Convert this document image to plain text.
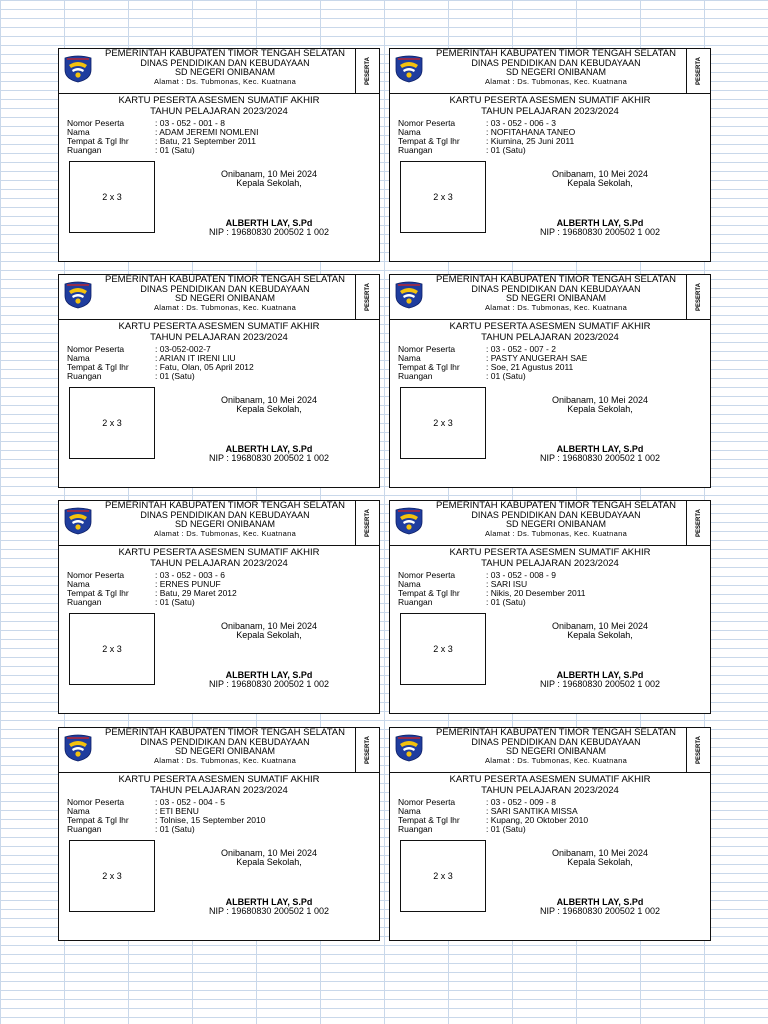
PEMERINTAH KABUPATEN TIMOR TENGAH SELATAN
DINAS PENDIDIKAN DAN KEBUDAYAAN
SD NEGERI ONIBANAM
Alamat : Ds. Tubmonas, Kec. Kuatnana	PESERTA
KARTU PESERTA ASESMEN SUMATIF AKHIR
TAHUN PELAJARAN 2023/2024
Nomor Peserta	: 03 - 052 - 001 - 8
Nama	: ADAM JEREMI NOMLENI
Tempat & Tgl lhr	: Batu, 21 September 2011
Ruangan	: 01 (Satu)
2 x 3
Onibanam, 10 Mei 2024
Kepala Sekolah,
ALBERTH LAY, S.Pd
NIP : 19680830 200502 1 002
PEMERINTAH KABUPATEN TIMOR TENGAH SELATAN
DINAS PENDIDIKAN DAN KEBUDAYAAN
SD NEGERI ONIBANAM
Alamat : Ds. Tubmonas, Kec. Kuatnana	PESERTA
KARTU PESERTA ASESMEN SUMATIF AKHIR
TAHUN PELAJARAN 2023/2024
Nomor Peserta	: 03 - 052 - 006 - 3
Nama	: NOFITAHANA TANEO
Tempat & Tgl lhr	: Kiumina, 25 Juni 2011
Ruangan	: 01 (Satu)
2 x 3
Onibanam, 10 Mei 2024
Kepala Sekolah,
ALBERTH LAY, S.Pd
NIP : 19680830 200502 1 002
PEMERINTAH KABUPATEN TIMOR TENGAH SELATAN
DINAS PENDIDIKAN DAN KEBUDAYAAN
SD NEGERI ONIBANAM
Alamat : Ds. Tubmonas, Kec. Kuatnana	PESERTA
KARTU PESERTA ASESMEN SUMATIF AKHIR
TAHUN PELAJARAN 2023/2024
Nomor Peserta	: 03-052-002-7
Nama	: ARIAN IT IRENI LIU
Tempat & Tgl lhr	: Fatu, Olan, 05 April 2012
Ruangan	: 01 (Satu)
2 x 3
Onibanam, 10 Mei 2024
Kepala Sekolah,
ALBERTH LAY, S.Pd
NIP : 19680830 200502 1 002
PEMERINTAH KABUPATEN TIMOR TENGAH SELATAN
DINAS PENDIDIKAN DAN KEBUDAYAAN
SD NEGERI ONIBANAM
Alamat : Ds. Tubmonas, Kec. Kuatnana	PESERTA
KARTU PESERTA ASESMEN SUMATIF AKHIR
TAHUN PELAJARAN 2023/2024
Nomor Peserta	: 03 - 052 - 007 - 2
Nama	: PASTY ANUGERAH SAE
Tempat & Tgl lhr	: Soe, 21 Agustus 2011
Ruangan	: 01 (Satu)
2 x 3
Onibanam, 10 Mei 2024
Kepala Sekolah,
ALBERTH LAY, S.Pd
NIP : 19680830 200502 1 002
PEMERINTAH KABUPATEN TIMOR TENGAH SELATAN
DINAS PENDIDIKAN DAN KEBUDAYAAN
SD NEGERI ONIBANAM
Alamat : Ds. Tubmonas, Kec. Kuatnana	PESERTA
KARTU PESERTA ASESMEN SUMATIF AKHIR
TAHUN PELAJARAN 2023/2024
Nomor Peserta	: 03 - 052 - 003 - 6
Nama	: ERNES PUNUF
Tempat & Tgl lhr	: Batu, 29 Maret 2012
Ruangan	: 01 (Satu)
2 x 3
Onibanam, 10 Mei 2024
Kepala Sekolah,
ALBERTH LAY, S.Pd
NIP : 19680830 200502 1 002
PEMERINTAH KABUPATEN TIMOR TENGAH SELATAN
DINAS PENDIDIKAN DAN KEBUDAYAAN
SD NEGERI ONIBANAM
Alamat : Ds. Tubmonas, Kec. Kuatnana	PESERTA
KARTU PESERTA ASESMEN SUMATIF AKHIR
TAHUN PELAJARAN 2023/2024
Nomor Peserta	: 03 - 052 - 008 - 9
Nama	: SARI ISU
Tempat & Tgl lhr	: Nikis, 20 Desember 2011
Ruangan	: 01 (Satu)
2 x 3
Onibanam, 10 Mei 2024
Kepala Sekolah,
ALBERTH LAY, S.Pd
NIP : 19680830 200502 1 002
PEMERINTAH KABUPATEN TIMOR TENGAH SELATAN
DINAS PENDIDIKAN DAN KEBUDAYAAN
SD NEGERI ONIBANAM
Alamat : Ds. Tubmonas, Kec. Kuatnana	PESERTA
KARTU PESERTA ASESMEN SUMATIF AKHIR
TAHUN PELAJARAN 2023/2024
Nomor Peserta	: 03 - 052 - 004 - 5
Nama	: ETI BENU
Tempat & Tgl lhr	: Tolnise, 15 September 2010
Ruangan	: 01 (Satu)
2 x 3
Onibanam, 10 Mei 2024
Kepala Sekolah,
ALBERTH LAY, S.Pd
NIP : 19680830 200502 1 002
PEMERINTAH KABUPATEN TIMOR TENGAH SELATAN
DINAS PENDIDIKAN DAN KEBUDAYAAN
SD NEGERI ONIBANAM
Alamat : Ds. Tubmonas, Kec. Kuatnana	PESERTA
KARTU PESERTA ASESMEN SUMATIF AKHIR
TAHUN PELAJARAN 2023/2024
Nomor Peserta	: 03 - 052 - 009 - 8
Nama	: SARI SANTIKA MISSA
Tempat & Tgl lhr	: Kupang, 20 Oktober 2010
Ruangan	: 01 (Satu)
2 x 3
Onibanam, 10 Mei 2024
Kepala Sekolah,
ALBERTH LAY, S.Pd
NIP : 19680830 200502 1 002
